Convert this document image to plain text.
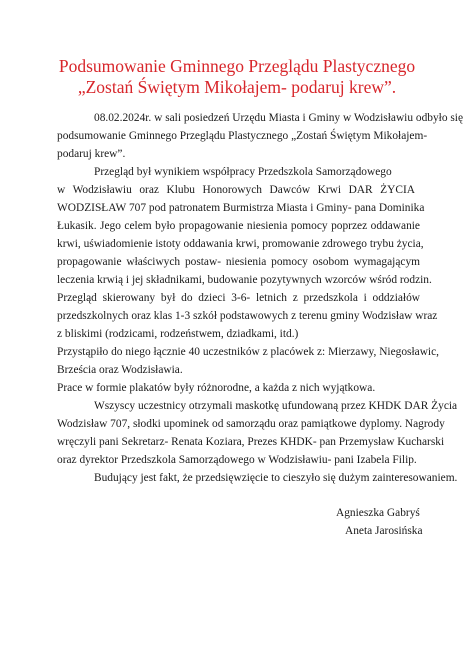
Podsumowanie Gminnego Przeglądu Plastycznego
„Zostań Świętym Mikołajem- podaruj krew”.
08.02.2024r. w sali posiedzeń Urzędu Miasta i Gminy w Wodzisławiu odbyło się
podsumowanie Gminnego Przeglądu Plastycznego „Zostań Świętym Mikołajem-
podaruj krew”.
Przegląd był wynikiem współpracy Przedszkola Samorządowego
w Wodzisławiu oraz Klubu Honorowych Dawców Krwi DAR ŻYCIA
WODZISŁAW 707 pod patronatem Burmistrza Miasta i Gminy- pana Dominika
Łukasik. Jego celem było propagowanie niesienia pomocy poprzez oddawanie
krwi, uświadomienie istoty oddawania krwi, promowanie zdrowego trybu życia,
propagowanie właściwych postaw- niesienia pomocy osobom wymagającym
leczenia krwią i jej składnikami, budowanie pozytywnych wzorców wśród rodzin.
Przegląd skierowany był do dzieci 3-6- letnich z przedszkola i oddziałów
przedszkolnych oraz klas 1-3 szkół podstawowych z terenu gminy Wodzisław wraz
z bliskimi (rodzicami, rodzeństwem, dziadkami, itd.)
Przystąpiło do niego łącznie 40 uczestników z placówek z: Mierzawy, Niegosławic,
Brześcia oraz Wodzisławia.
Prace w formie plakatów były różnorodne, a każda z nich wyjątkowa.
Wszyscy uczestnicy otrzymali maskotkę ufundowaną przez KHDK DAR Życia
Wodzisław 707, słodki upominek od samorządu oraz pamiątkowe dyplomy. Nagrody
wręczyli pani Sekretarz- Renata Koziara, Prezes KHDK- pan Przemysław Kucharski
oraz dyrektor Przedszkola Samorządowego w Wodzisławiu- pani Izabela Filip.
Budujący jest fakt, że przedsięwzięcie to cieszyło się dużym zainteresowaniem.
Agnieszka Gabryś
Aneta Jarosińska
